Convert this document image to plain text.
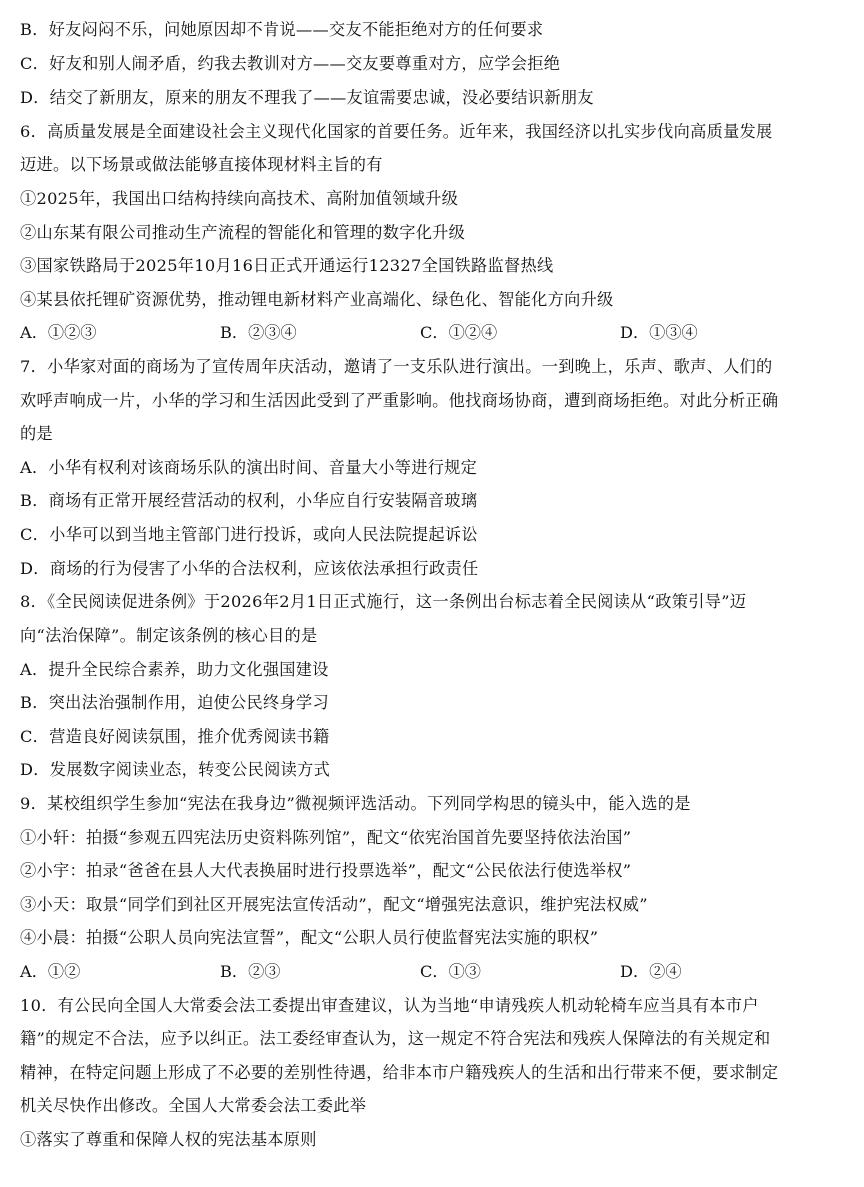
B．好友闷闷不乐，问她原因却不肯说——交友不能拒绝对方的任何要求
C．好友和别人闹矛盾，约我去教训对方——交友要尊重对方，应学会拒绝
D．结交了新朋友，原来的朋友不理我了——友谊需要忠诚，没必要结识新朋友
6．高质量发展是全面建设社会主义现代化国家的首要任务。近年来，我国经济以扎实步伐向高质量发展
迈进。以下场景或做法能够直接体现材料主旨的有
①2025年，我国出口结构持续向高技术、高附加值领域升级
②山东某有限公司推动生产流程的智能化和管理的数字化升级
③国家铁路局于2025年10月16日正式开通运行12327全国铁路监督热线
④某县依托锂矿资源优势，推动锂电新材料产业高端化、绿色化、智能化方向升级
A．①②③	B．②③④	C．①②④	D．①③④
7．小华家对面的商场为了宣传周年庆活动，邀请了一支乐队进行演出。一到晚上，乐声、歌声、人们的
欢呼声响成一片，小华的学习和生活因此受到了严重影响。他找商场协商，遭到商场拒绝。对此分析正确
的是
A．小华有权利对该商场乐队的演出时间、音量大小等进行规定
B．商场有正常开展经营活动的权利，小华应自行安装隔音玻璃
C．小华可以到当地主管部门进行投诉，或向人民法院提起诉讼
D．商场的行为侵害了小华的合法权利，应该依法承担行政责任
8．《全民阅读促进条例》于2026年2月1日正式施行，这一条例出台标志着全民阅读从“政策引导”迈
向“法治保障”。制定该条例的核心目的是
A．提升全民综合素养，助力文化强国建设
B．突出法治强制作用，迫使公民终身学习
C．营造良好阅读氛围，推介优秀阅读书籍
D．发展数字阅读业态，转变公民阅读方式
9．某校组织学生参加“宪法在我身边”微视频评选活动。下列同学构思的镜头中，能入选的是
①小轩：拍摄“参观五四宪法历史资料陈列馆”，配文“依宪治国首先要坚持依法治国”
②小宇：拍录“爸爸在县人大代表换届时进行投票选举”，配文“公民依法行使选举权”
③小天：取景“同学们到社区开展宪法宣传活动”，配文“增强宪法意识，维护宪法权威”
④小晨：拍摄“公职人员向宪法宣誓”，配文“公职人员行使监督宪法实施的职权”
A．①②	B．②③	C．①③	D．②④
10．有公民向全国人大常委会法工委提出审查建议，认为当地“申请残疾人机动轮椅车应当具有本市户
籍”的规定不合法，应予以纠正。法工委经审查认为，这一规定不符合宪法和残疾人保障法的有关规定和
精神，在特定问题上形成了不必要的差别性待遇，给非本市户籍残疾人的生活和出行带来不便，要求制定
机关尽快作出修改。全国人大常委会法工委此举
①落实了尊重和保障人权的宪法基本原则
